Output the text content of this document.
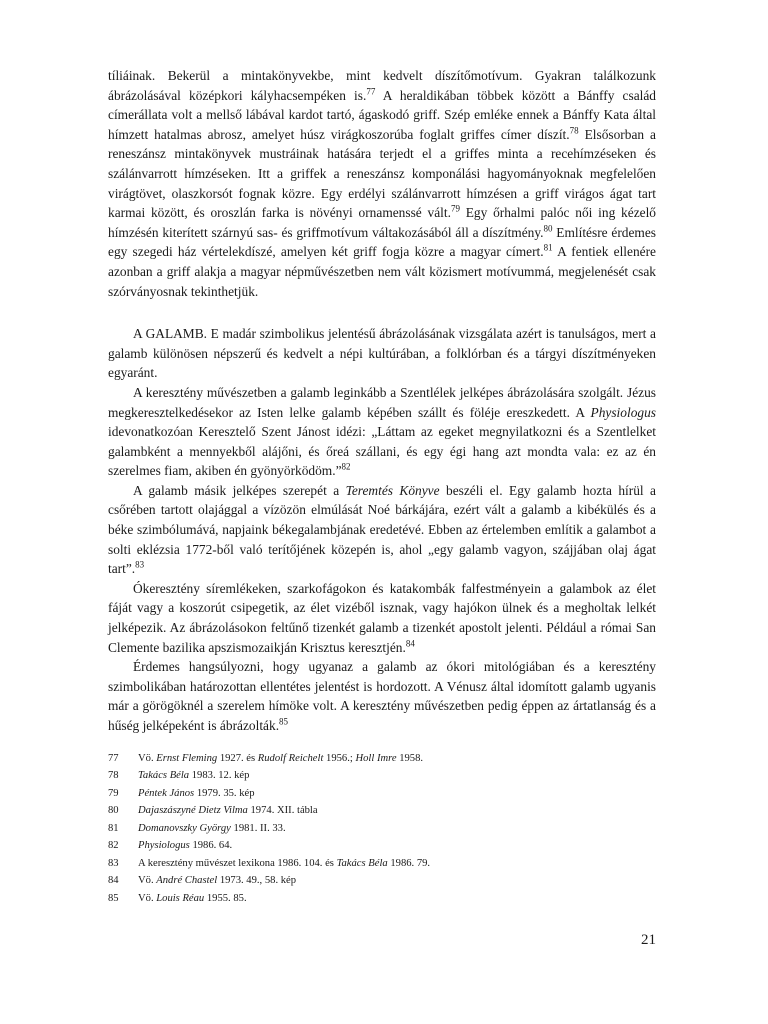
tíliáinak. Bekerül a mintakönyvekbe, mint kedvelt díszítőmotívum. Gyakran találkozunk ábrázolásával középkori kályhacsempéken is.$^{77}$ A heraldikában többek között a Bánffy család címerállata volt a mellső lábával kardot tartó, ágaskodó griff. Szép emléke ennek a Bánffy Kata által hímzett hatalmas abrosz, amelyet húsz virágkoszorúba foglalt griffes címer díszít.$^{78}$ Elsősorban a reneszánsz mintakönyvek mustráinak hatására terjedt el a griffes minta a recehímzéseken és szálánvarrott hímzéseken. Itt a griffek a reneszánsz komponálási hagyományoknak megfelelően virágtövet, olaszkorsót fognak közre. Egy erdélyi szálánvarrott hímzésen a griff virágos ágat tart karmai között, és oroszlán farka is növényi ornamenssé vált.$^{79}$ Egy őrhalmi palóc női ing kézelő hímzésén kiterített szárnyú sas- és griffmotívum váltakozásából áll a díszítmény.$^{80}$ Említésre érdemes egy szegedi ház vértelekdíszé, amelyen két griff fogja közre a magyar címert.$^{81}$ A fentiek ellenére azonban a griff alakja a magyar népművészetben nem vált közismert motívummá, megjelenését csak szórványosnak tekinthetjük.

A GALAMB. E madár szimbolikus jelentésű ábrázolásának vizsgálata azért is tanulságos, mert a galamb különösen népszerű és kedvelt a népi kultúrában, a folklórban és a tárgyi díszítményeken egyaránt.

A keresztény művészetben a galamb leginkább a Szentlélek jelképes ábrázolására szolgált. Jézus megkeresztelkedésekor az Isten lelke galamb képében szállt és föléje ereszkedett. A Physiologus idevonatkozóan Keresztelő Szent Jánost idézi: „Láttam az egeket megnyilatkozni és a Szentlelket galambként a mennyekből alájőni, és őreá szállani, és egy égi hang azt mondta vala: ez az én szerelmes fiam, akiben én gyönyörködöm.”$^{82}$

A galamb másik jelképes szerepét a Teremtés Könyve beszéli el. Egy galamb hozta hírül a csőrében tartott olajággal a vízözön elmúlását Noé bárkájára, ezért vált a galamb a kibékülés és a béke szimbólumává, napjaink békegalambjának eredetévé. Ebben az értelemben említik a galambot a solti eklézsia 1772-ből való terítőjének közepén is, ahol „egy galamb vagyon, szájjában olaj ágat tart”.$^{83}$

Ókeresztény síremlékeken, szarkofágokon és katakombák falfestményein a galambok az élet fáját vagy a koszorút csipegetik, az élet vizéből isznak, vagy hajókon ülnek és a megholtak lelkét jelképezik. Az ábrázolásokon feltűnő tizenkét galamb a tizenkét apostolt jelenti. Például a római San Clemente bazilika apszismozaikján Krisztus keresztjén.$^{84}$

Érdemes hangsúlyozni, hogy ugyanaz a galamb az ókori mitológiában és a keresztény szimbolikában határozottan ellentétes jelentést is hordozott. A Vénusz által idomított galamb ugyanis már a görögöknél a szerelem hímöke volt. A keresztény művészetben pedig éppen az ártatlanság és a hűség jelképeként is ábrázolták.$^{85}$

77	Vö. Ernst Fleming 1927. és Rudolf Reichelt 1956.; Holl Imre 1958.
78	Takács Béla 1983. 12. kép
79	Péntek János 1979. 35. kép
80	Dajaszászyné Dietz Vilma 1974. XII. tábla
81	Domanovszky György 1981. II. 33.
82	Physiologus 1986. 64.
83	A keresztény művészet lexikona 1986. 104. és Takács Béla 1986. 79.
84	Vö. André Chastel 1973. 49., 58. kép
85	Vö. Louis Réau 1955. 85.
21
